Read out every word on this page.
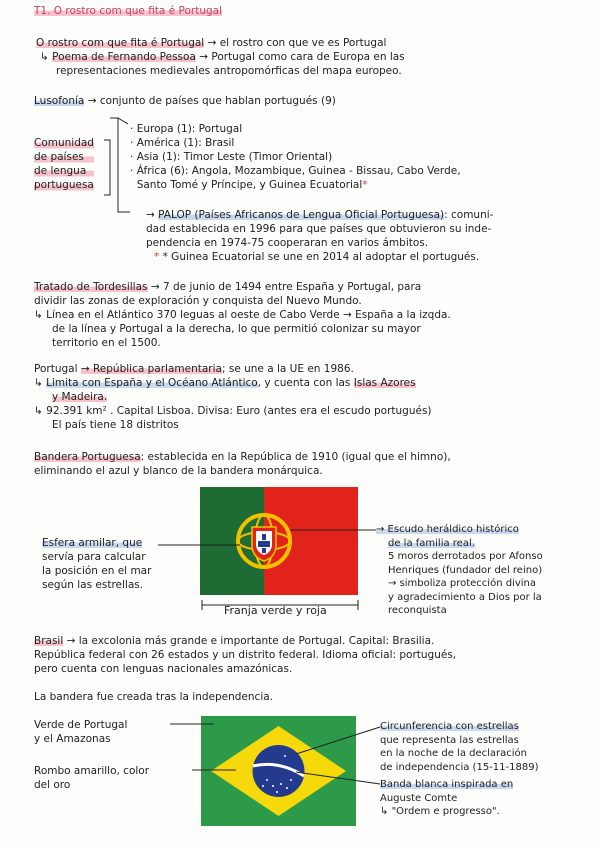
T1. O rostro com que fita é Portugal
O rostro com que fita é Portugal → el rostro con que ve es Portugal
↳ Poema de Fernando Pessoa → Portugal como cara de Europa en las
representaciones medievales antropomórficas del mapa europeo.
Lusofonía → conjunto de países que hablan portugués (9)
Comunidad
de países
de lengua
portuguesa
· Europa (1): Portugal
· América (1): Brasil
· Asia (1): Timor Leste (Timor Oriental)
· África (6): Angola, Mozambique, Guinea - Bissau, Cabo Verde,
Santo Tomé y Príncipe, y Guinea Ecuatorial*
→ PALOP (Países Africanos de Lengua Oficial Portuguesa): comuni-
dad establecida en 1996 para que países que obtuvieron su inde-
pendencia en 1974-75 cooperaran en varios ámbitos.
* * Guinea Ecuatorial se une en 2014 al adoptar el portugués.
Tratado de Tordesillas → 7 de junio de 1494 entre España y Portugal, para
dividir las zonas de exploración y conquista del Nuevo Mundo.
↳ Línea en el Atlántico 370 leguas al oeste de Cabo Verde → España a la izqda.
de la línea y Portugal a la derecha, lo que permitió colonizar su mayor
territorio en el 1500.
Portugal → República parlamentaria; se une a la UE en 1986.
↳ Limita con España y el Océano Atlántico, y cuenta con las Islas Azores
y Madeira.
↳ 92.391 km² . Capital Lisboa. Divisa: Euro (antes era el escudo portugués)
El país tiene 18 distritos
Bandera Portuguesa: establecida en la República de 1910 (igual que el himno),
eliminando el azul y blanco de la bandera monárquica.
Esfera armilar, que
servía para calcular
la posición en el mar
según las estrellas.
→ Escudo heráldico histórico
de la familia real.
5 moros derrotados por Afonso
Henriques (fundador del reino)
→ simboliza protección divina
y agradecimiento a Dios por la
reconquista
Franja verde y roja
Brasil → la excolonia más grande e importante de Portugal. Capital: Brasilia.
República federal con 26 estados y un distrito federal. Idioma oficial: portugués,
pero cuenta con lenguas nacionales amazónicas.
La bandera fue creada tras la independencia.
Verde de Portugal
y el Amazonas
Rombo amarillo, color
del oro
Circunferencia con estrellas
que representa las estrellas
en la noche de la declaración
de independencia (15-11-1889)
Banda blanca inspirada en
Auguste Comte
↳ "Ordem e progresso".
